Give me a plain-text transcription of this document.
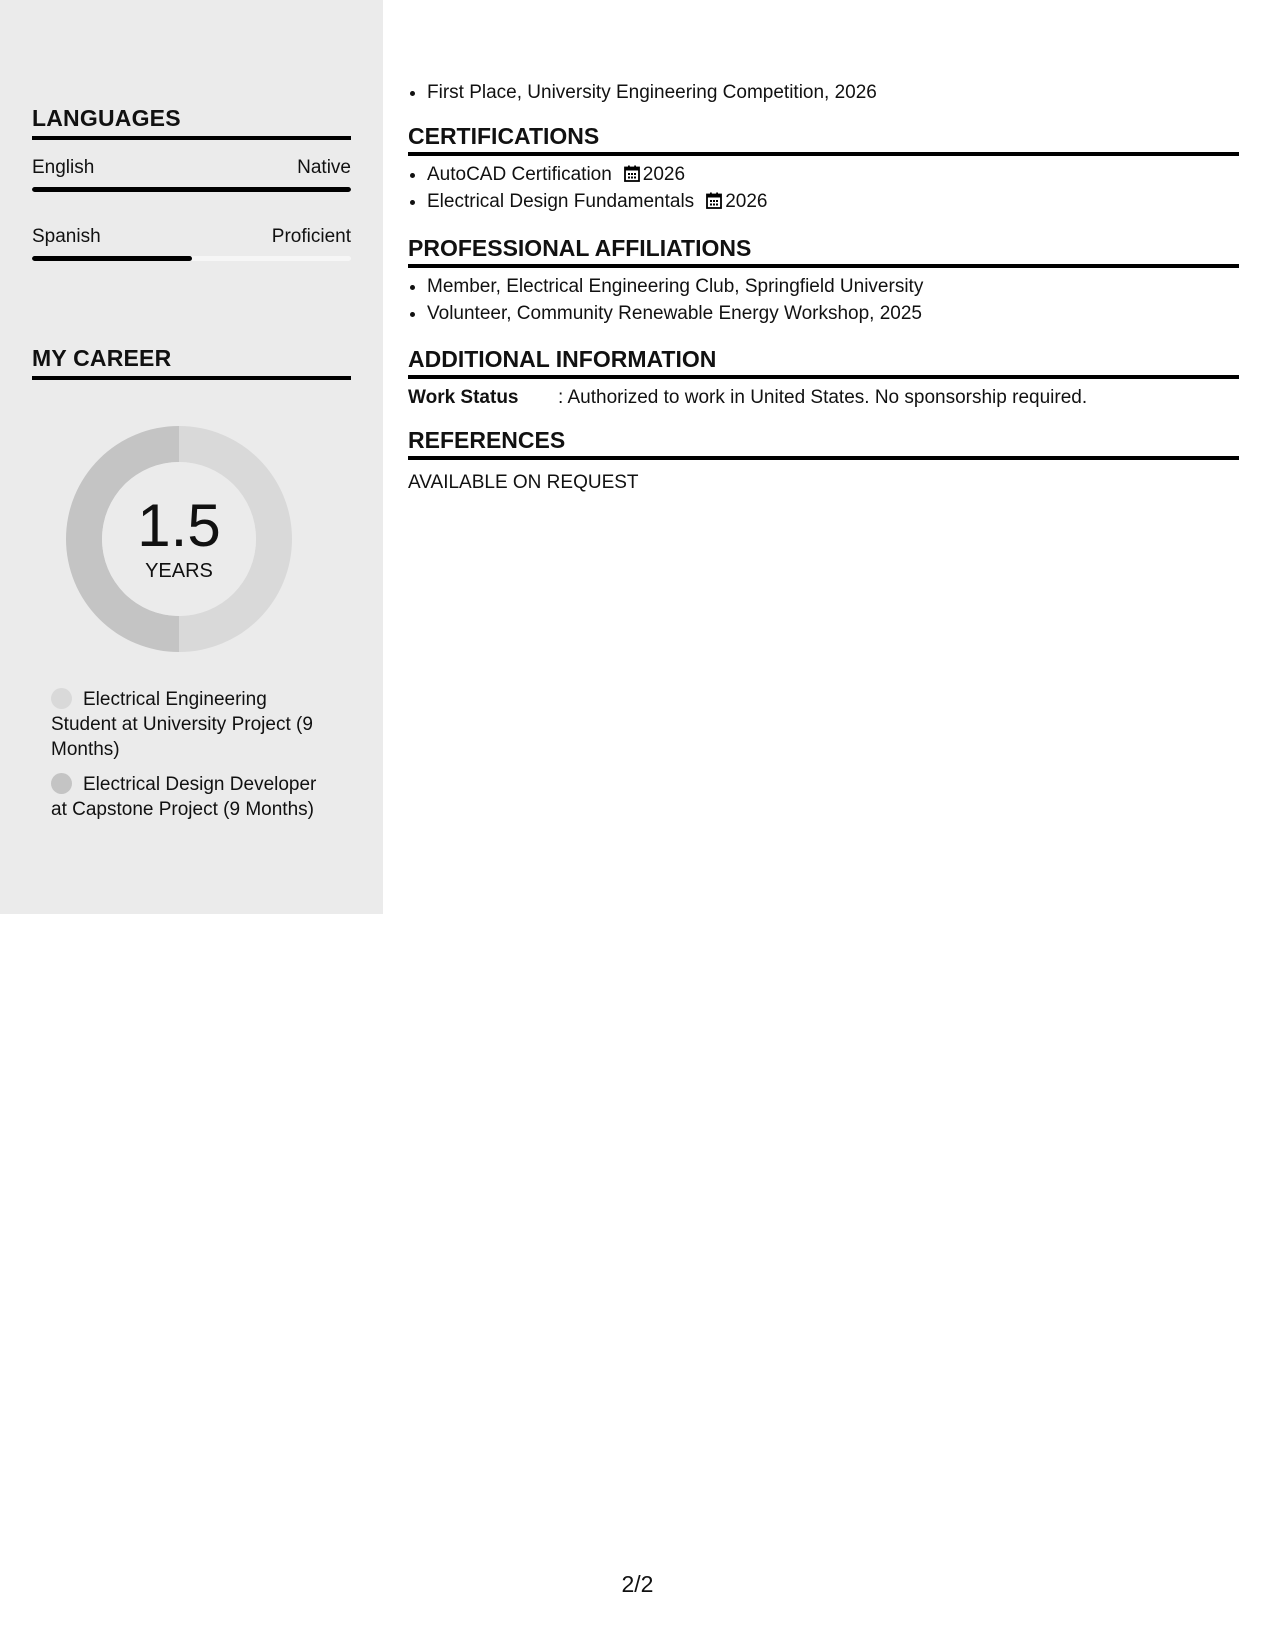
LANGUAGES
English	Native
Spanish	Proficient
MY CAREER
1.5
YEARS
Electrical Engineering Student at University Project (9 Months)
Electrical Design Developer at Capstone Project (9 Months)
• First Place, University Engineering Competition, 2026
CERTIFICATIONS
• AutoCAD Certification 2026
• Electrical Design Fundamentals 2026
PROFESSIONAL AFFILIATIONS
• Member, Electrical Engineering Club, Springfield University
• Volunteer, Community Renewable Energy Workshop, 2025
ADDITIONAL INFORMATION
Work Status	: Authorized to work in United States. No sponsorship required.
REFERENCES
AVAILABLE ON REQUEST
2/2
